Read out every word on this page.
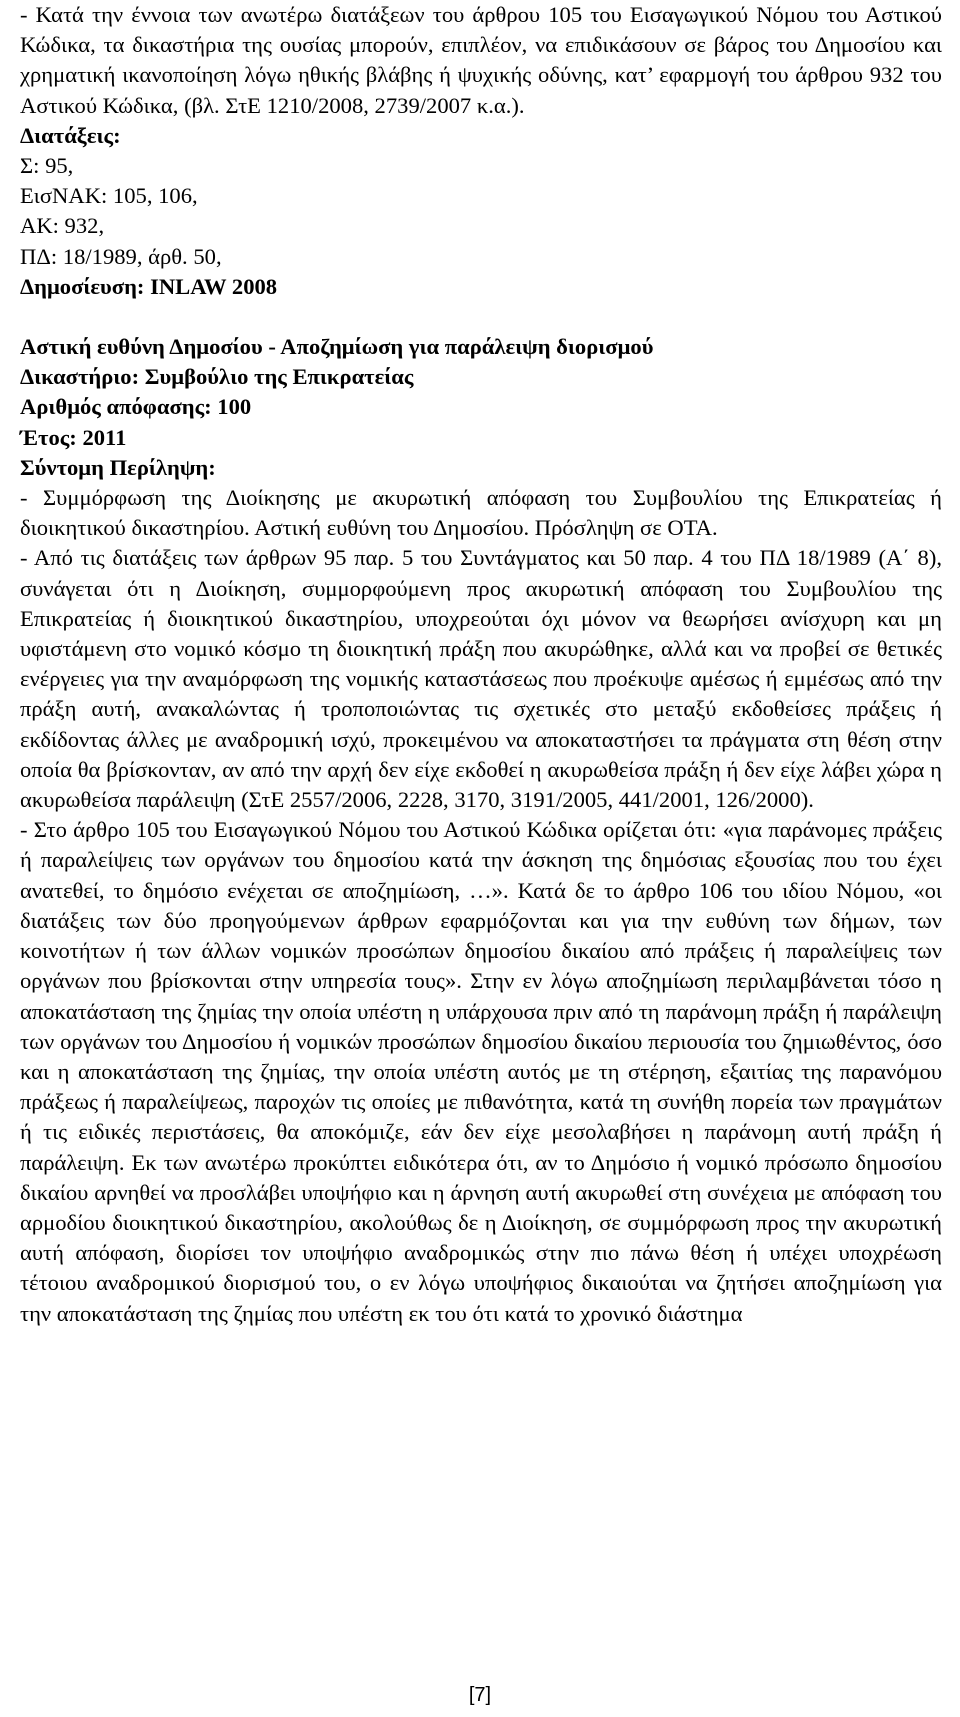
- Κατά την έννοια των ανωτέρω διατάξεων του άρθρου 105 του Εισαγωγικού Νόμου του Αστικού Κώδικα, τα δικαστήρια της ουσίας μπορούν, επιπλέον, να επιδικάσουν σε βάρος του Δημοσίου και χρηματική ικανοποίηση λόγω ηθικής βλάβης ή ψυχικής οδύνης, κατ’ εφαρμογή του άρθρου 932 του Αστικού Κώδικα, (βλ. ΣτΕ 1210/2008, 2739/2007 κ.α.).

Διατάξεις:
Σ: 95,
ΕισΝΑΚ: 105, 106,
ΑΚ: 932,
ΠΔ: 18/1989, άρθ. 50,
Δημοσίευση: INLAW 2008
Αστική ευθύνη Δημοσίου - Αποζημίωση για παράλειψη διορισμού
Δικαστήριο: Συμβούλιο της Επικρατείας
Αριθμός απόφασης: 100
Έτος: 2011
Σύντομη Περίληψη:

- Συμμόρφωση της Διοίκησης με ακυρωτική απόφαση του Συμβουλίου της Επικρατείας ή διοικητικού δικαστηρίου. Αστική ευθύνη του Δημοσίου. Πρόσληψη σε ΟΤΑ.

- Από τις διατάξεις των άρθρων 95 παρ. 5 του Συντάγματος και 50 παρ. 4 του ΠΔ 18/1989 (Α΄ 8), συνάγεται ότι η Διοίκηση, συμμορφούμενη προς ακυρωτική απόφαση του Συμβουλίου της Επικρατείας ή διοικητικού δικαστηρίου, υποχρεούται όχι μόνον να θεωρήσει ανίσχυρη και μη υφιστάμενη στο νομικό κόσμο τη διοικητική πράξη που ακυρώθηκε, αλλά και να προβεί σε θετικές ενέργειες για την αναμόρφωση της νομικής καταστάσεως που προέκυψε αμέσως ή εμμέσως από την πράξη αυτή, ανακαλώντας ή τροποποιώντας τις σχετικές στο μεταξύ εκδοθείσες πράξεις ή εκδίδοντας άλλες με αναδρομική ισχύ, προκειμένου να αποκαταστήσει τα πράγματα στη θέση στην οποία θα βρίσκονταν, αν από την αρχή δεν είχε εκδοθεί η ακυρωθείσα πράξη ή δεν είχε λάβει χώρα η ακυρωθείσα παράλειψη (ΣτΕ 2557/2006, 2228, 3170, 3191/2005, 441/2001, 126/2000).

- Στο άρθρο 105 του Εισαγωγικού Νόμου του Αστικού Κώδικα ορίζεται ότι: «για παράνομες πράξεις ή παραλείψεις των οργάνων του δημοσίου κατά την άσκηση της δημόσιας εξουσίας που του έχει ανατεθεί, το δημόσιο ενέχεται σε αποζημίωση, …». Κατά δε το άρθρο 106 του ιδίου Νόμου, «οι διατάξεις των δύο προηγούμενων άρθρων εφαρμόζονται και για την ευθύνη των δήμων, των κοινοτήτων ή των άλλων νομικών προσώπων δημοσίου δικαίου από πράξεις ή παραλείψεις των οργάνων που βρίσκονται στην υπηρεσία τους». Στην εν λόγω αποζημίωση περιλαμβάνεται τόσο η αποκατάσταση της ζημίας την οποία υπέστη η υπάρχουσα πριν από τη παράνομη πράξη ή παράλειψη των οργάνων του Δημοσίου ή νομικών προσώπων δημοσίου δικαίου περιουσία του ζημιωθέντος, όσο και η αποκατάσταση της ζημίας, την οποία υπέστη αυτός με τη στέρηση, εξαιτίας της παρανόμου πράξεως ή παραλείψεως, παροχών τις οποίες με πιθανότητα, κατά τη συνήθη πορεία των πραγμάτων ή τις ειδικές περιστάσεις, θα αποκόμιζε, εάν δεν είχε μεσολαβήσει η παράνομη αυτή πράξη ή παράλειψη. Εκ των ανωτέρω προκύπτει ειδικότερα ότι, αν το Δημόσιο ή νομικό πρόσωπο δημοσίου δικαίου αρνηθεί να προσλάβει υποψήφιο και η άρνηση αυτή ακυρωθεί στη συνέχεια με απόφαση του αρμοδίου διοικητικού δικαστηρίου, ακολούθως δε η Διοίκηση, σε συμμόρφωση προς την ακυρωτική αυτή απόφαση, διορίσει τον υποψήφιο αναδρομικώς στην πιο πάνω θέση ή υπέχει υποχρέωση τέτοιου αναδρομικού διορισμού του, ο εν λόγω υποψήφιος δικαιούται να ζητήσει αποζημίωση για την αποκατάσταση της ζημίας που υπέστη εκ του ότι κατά το χρονικό διάστημα

[7]
